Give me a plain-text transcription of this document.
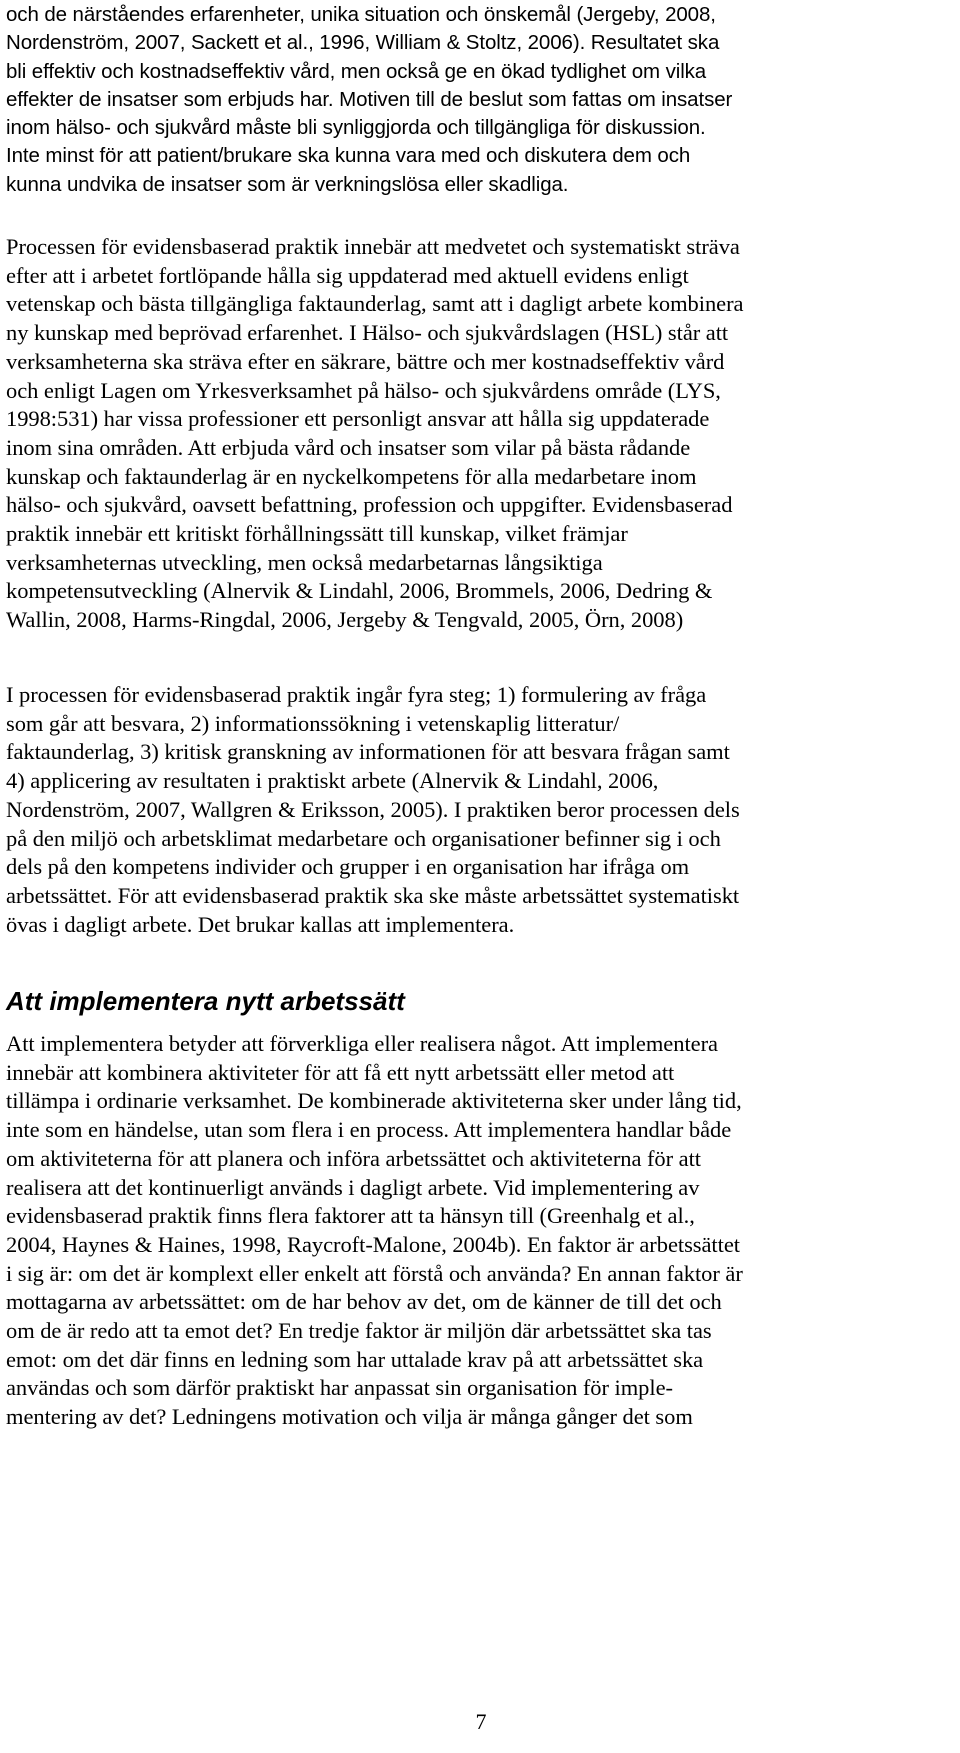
och de närståendes erfarenheter, unika situation och önskemål (Jergeby, 2008,
Nordenström, 2007, Sackett et al., 1996, William & Stoltz, 2006). Resultatet ska
bli effektiv och kostnadseffektiv vård, men också ge en ökad tydlighet om vilka
effekter de insatser som erbjuds har. Motiven till de beslut som fattas om insatser
inom hälso- och sjukvård måste bli synliggjorda och tillgängliga för diskussion.
Inte minst för att patient/brukare ska kunna vara med och diskutera dem och
kunna undvika de insatser som är verkningslösa eller skadliga.

Processen för evidensbaserad praktik innebär att medvetet och systematiskt sträva
efter att i arbetet fortlöpande hålla sig uppdaterad med aktuell evidens enligt
vetenskap och bästa tillgängliga faktaunderlag, samt att i dagligt arbete kombinera
ny kunskap med beprövad erfarenhet. I Hälso- och sjukvårdslagen (HSL) står att
verksamheterna ska sträva efter en säkrare, bättre och mer kostnadseffektiv vård
och enligt Lagen om Yrkesverksamhet på hälso- och sjukvårdens område (LYS,
1998:531) har vissa professioner ett personligt ansvar att hålla sig uppdaterade
inom sina områden. Att erbjuda vård och insatser som vilar på bästa rådande
kunskap och faktaunderlag är en nyckelkompetens för alla medarbetare inom
hälso- och sjukvård, oavsett befattning, profession och uppgifter. Evidensbaserad
praktik innebär ett kritiskt förhållningssätt till kunskap, vilket främjar
verksamheternas utveckling, men också medarbetarnas långsiktiga
kompetensutveckling (Alnervik & Lindahl, 2006, Brommels, 2006, Dedring &
Wallin, 2008, Harms-Ringdal, 2006, Jergeby & Tengvald, 2005, Örn, 2008)

I processen för evidensbaserad praktik ingår fyra steg; 1) formulering av fråga
som går att besvara, 2) informationssökning i vetenskaplig litteratur/
faktaunderlag, 3) kritisk granskning av informationen för att besvara frågan samt
4) applicering av resultaten i praktiskt arbete (Alnervik & Lindahl, 2006,
Nordenström, 2007, Wallgren & Eriksson, 2005). I praktiken beror processen dels
på den miljö och arbetsklimat medarbetare och organisationer befinner sig i och
dels på den kompetens individer och grupper i en organisation har ifråga om
arbetssättet. För att evidensbaserad praktik ska ske måste arbetssättet systematiskt
övas i dagligt arbete. Det brukar kallas att implementera.

Att implementera nytt arbetssätt

Att implementera betyder att förverkliga eller realisera något. Att implementera
innebär att kombinera aktiviteter för att få ett nytt arbetssätt eller metod att
tillämpa i ordinarie verksamhet. De kombinerade aktiviteterna sker under lång tid,
inte som en händelse, utan som flera i en process. Att implementera handlar både
om aktiviteterna för att planera och införa arbetssättet och aktiviteterna för att
realisera att det kontinuerligt används i dagligt arbete. Vid implementering av
evidensbaserad praktik finns flera faktorer att ta hänsyn till (Greenhalg et al.,
2004, Haynes & Haines, 1998, Raycroft-Malone, 2004b). En faktor är arbetssättet
i sig är: om det är komplext eller enkelt att förstå och använda? En annan faktor är
mottagarna av arbetssättet: om de har behov av det, om de känner de till det och
om de är redo att ta emot det? En tredje faktor är miljön där arbetssättet ska tas
emot: om det där finns en ledning som har uttalade krav på att arbetssättet ska
användas och som därför praktiskt har anpassat sin organisation för imple-
mentering av det? Ledningens motivation och vilja är många gånger det som

7
